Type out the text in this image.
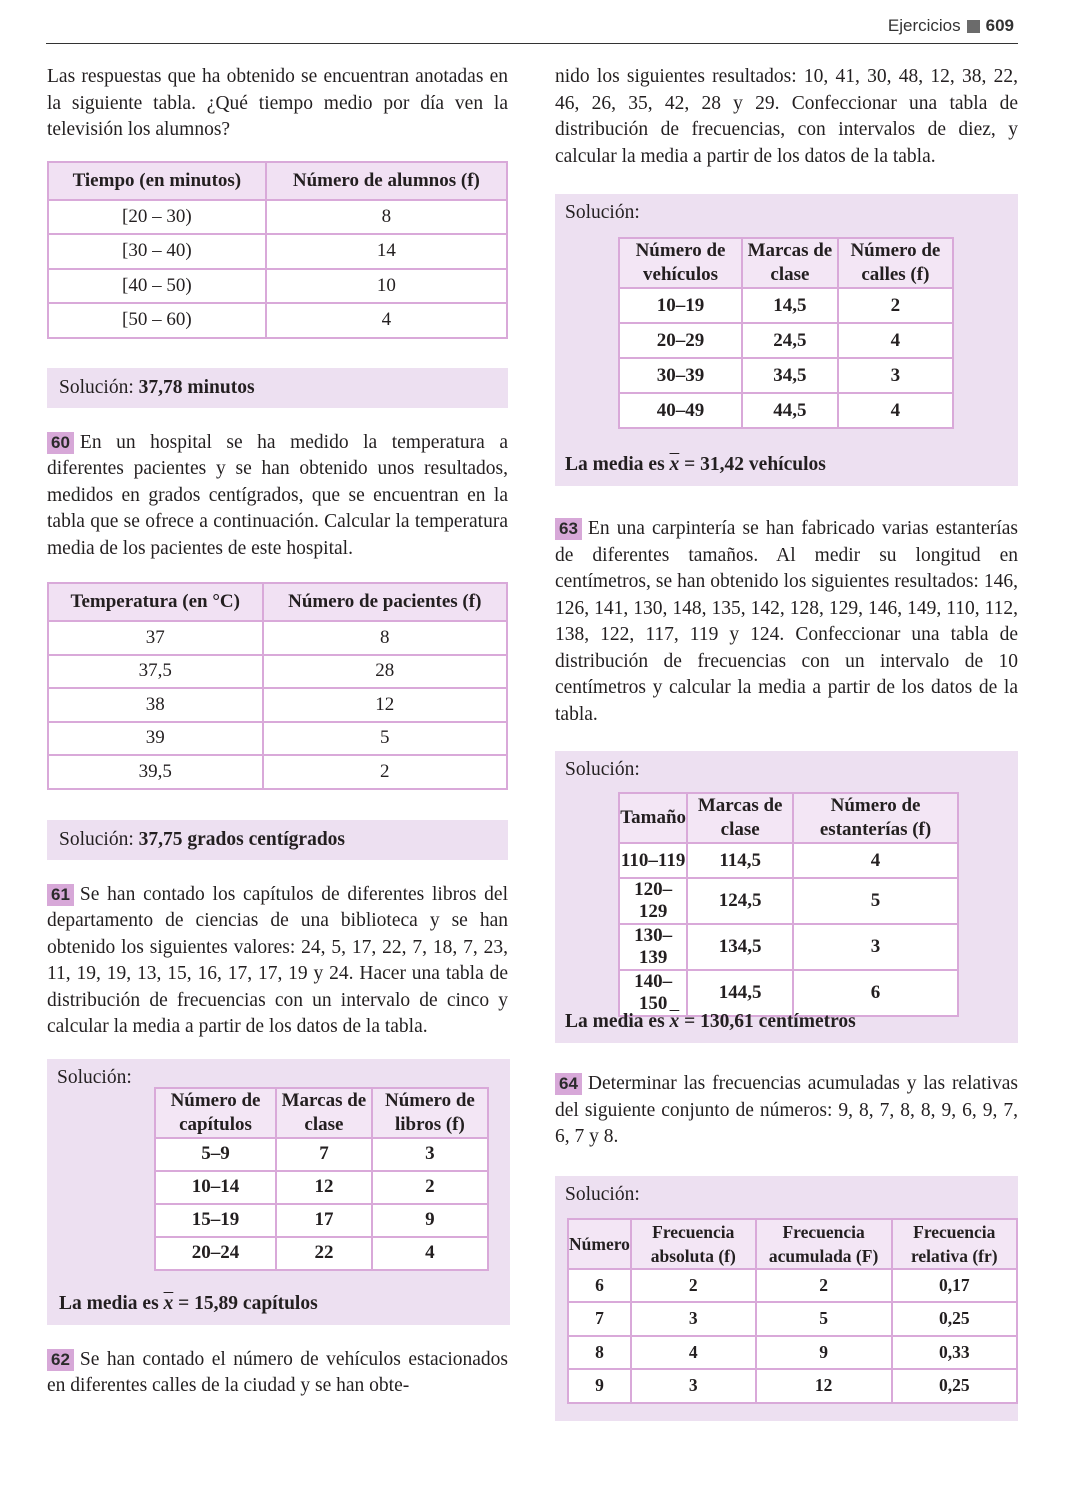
Ejercicios 609

Las respuestas que ha obtenido se encuentran anotadas en la siguiente tabla. ¿Qué tiempo medio por día ven la televisión los alumnos?

Tiempo (en minutos)	Número de alumnos (f)
[20 – 30)	8
[30 – 40)	14
[40 – 50)	10
[50 – 60)	4
Solución:
37,78 minutos

60 En un hospital se ha medido la temperatura a diferentes pacientes y se han obtenido unos resultados, medidos en grados centígrados, que se encuentran en la tabla que se ofrece a continuación. Calcular la temperatura media de los pacientes de este hospital.

Temperatura (en °C)	Número de pacientes (f)
37	8
37,5	28
38	12
39	5
39,5	2
Solución:
37,75 grados centígrados

61 Se han contado los capítulos de diferentes libros del departamento de ciencias de una biblioteca y se han obtenido los siguientes valores: 24, 5, 17, 22, 7, 18, 7, 23, 11, 19, 19, 13, 15, 16, 17, 17, 19 y 24. Hacer una tabla de distribución de frecuencias con un intervalo de cinco y calcular la media a partir de los datos de la tabla.

Solución:
Número de capítulos	Marcas de clase	Número de libros (f)
5–9	7	3
10–14	12	2
15–19	17	9
20–24	22	4
La media es $\overline{x} = 15,89$ capítulos

62 Se han contado el número de vehículos estacionados en diferentes calles de la ciudad y se han obte-

nido los siguientes resultados: 10, 41, 30, 48, 12, 38, 22, 46, 26, 35, 42, 28 y 29. Confeccionar una tabla de distribución de frecuencias, con intervalos de diez, y calcular la media a partir de los datos de la tabla.

Solución:
Número de vehículos	Marcas de clase	Número de calles (f)
10–19	14,5	2
20–29	24,5	4
30–39	34,5	3
40–49	44,5	4
La media es $\overline{x} = 31,42$ vehículos

63 En una carpintería se han fabricado varias estanterías de diferentes tamaños. Al medir su longitud en centímetros, se han obtenido los siguientes resultados: 146, 126, 141, 130, 148, 135, 142, 128, 129, 146, 149, 110, 112, 138, 122, 117, 119 y 124. Confeccionar una tabla de distribución de frecuencias con un intervalo de 10 centímetros y calcular la media a partir de los datos de la tabla.

Solución:
Tamaño	Marcas de clase	Número de estanterías (f)
110–119	114,5	4
120–129	124,5	5
130–139	134,5	3
140–150	144,5	6
La media es $\overline{x} = 130,61$ centímetros

64 Determinar las frecuencias acumuladas y las relativas del siguiente conjunto de números: 9, 8, 7, 8, 8, 9, 6, 9, 7, 6, 7 y 8.

Solución:
Número	Frecuencia absoluta (f)	Frecuencia acumulada (F)	Frecuencia relativa (fr)
6	2	2	0,17
7	3	5	0,25
8	4	9	0,33
9	3	12	0,25
